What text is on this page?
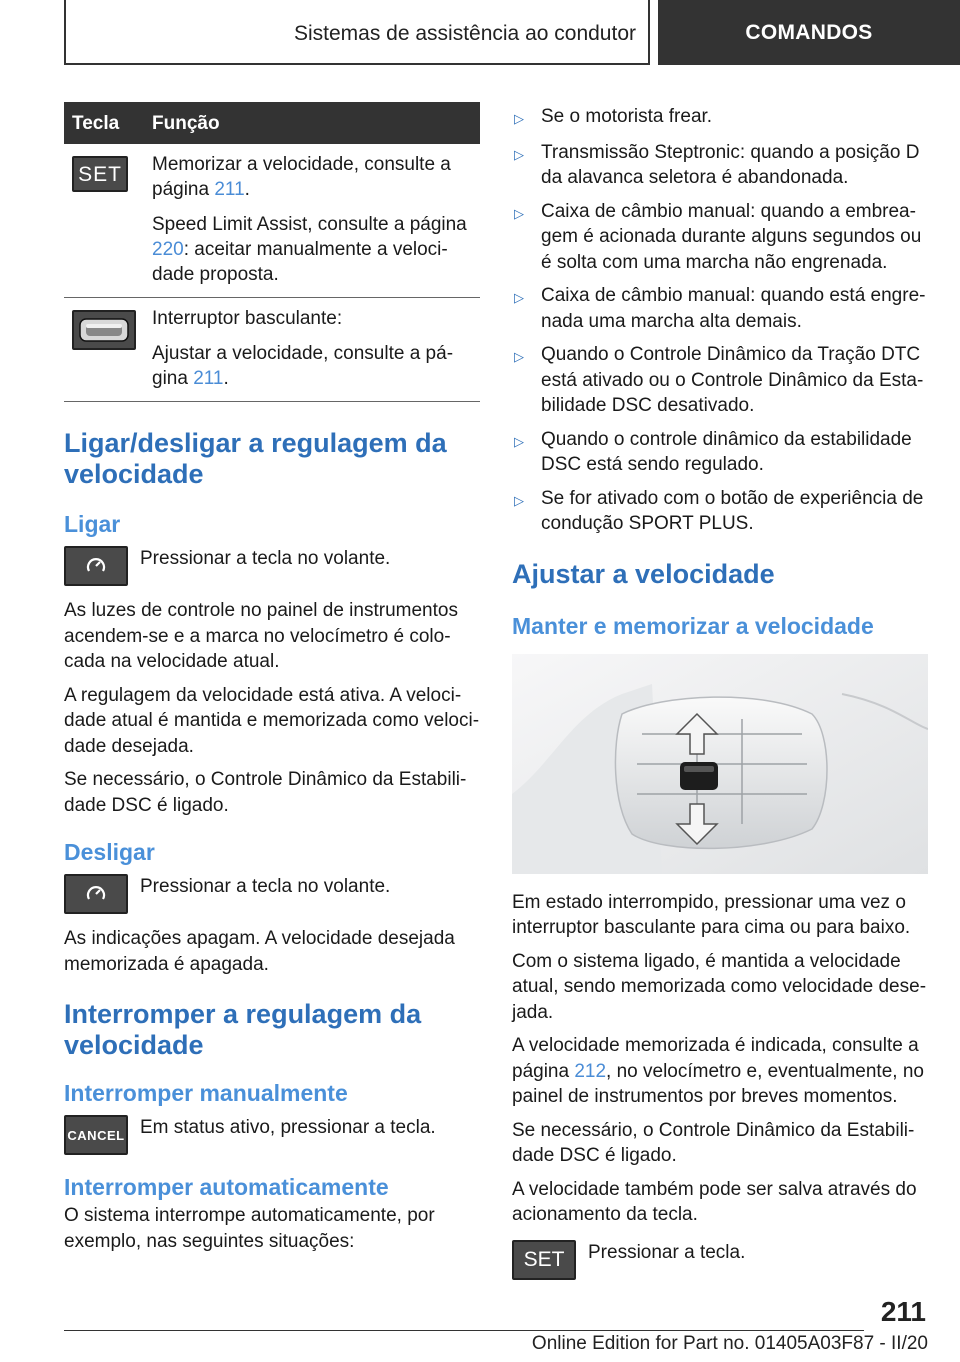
Sistemas de assistência ao condutor	COMANDOS
Tecla	Função
SET	Memorizar a velocidade, consulte a página 211.

Speed Limit Assist, consulte a página 220: aceitar manualmente a velocidade proposta.

Interruptor basculante:

Ajustar a velocidade, consulte a página 211.

Ligar/desligar a regulagem da velocidade
Ligar

Pressionar a tecla no volante.

As luzes de controle no painel de instrumentos acendem-se e a marca no velocímetro é colocada na velocidade atual.

A regulagem da velocidade está ativa. A velocidade atual é mantida e memorizada como velocidade desejada.

Se necessário, o Controle Dinâmico da Estabilidade DSC é ligado.

Desligar

Pressionar a tecla no volante.

As indicações apagam. A velocidade desejada memorizada é apagada.

Interromper a regulagem da velocidade
Interromper manualmente
CANCEL Em status ativo, pressionar a tecla.

Interromper automaticamente

O sistema interrompe automaticamente, por exemplo, nas seguintes situações:

▷ Se o motorista frear.
▷ Transmissão Steptronic: quando a posição D da alavanca seletora é abandonada.
▷ Caixa de câmbio manual: quando a embreagem é acionada durante alguns segundos ou é solta com uma marcha não engrenada.
▷ Caixa de câmbio manual: quando está engrenada uma marcha alta demais.
▷ Quando o Controle Dinâmico da Tração DTC está ativado ou o Controle Dinâmico da Estabilidade DSC desativado.
▷ Quando o controle dinâmico da estabilidade DSC está sendo regulado.
▷ Se for ativado com o botão de experiência de condução SPORT PLUS.
Ajustar a velocidade
Manter e memorizar a velocidade

Em estado interrompido, pressionar uma vez o interruptor basculante para cima ou para baixo.

Com o sistema ligado, é mantida a velocidade atual, sendo memorizada como velocidade desejada.

A velocidade memorizada é indicada, consulte a página 212, no velocímetro e, eventualmente, no painel de instrumentos por breves momentos.

Se necessário, o Controle Dinâmico da Estabilidade DSC é ligado.

A velocidade também pode ser salva através do acionamento da tecla.

SET	Pressionar a tecla.

211
Online Edition for Part no. 01405A03F87 - II/20
